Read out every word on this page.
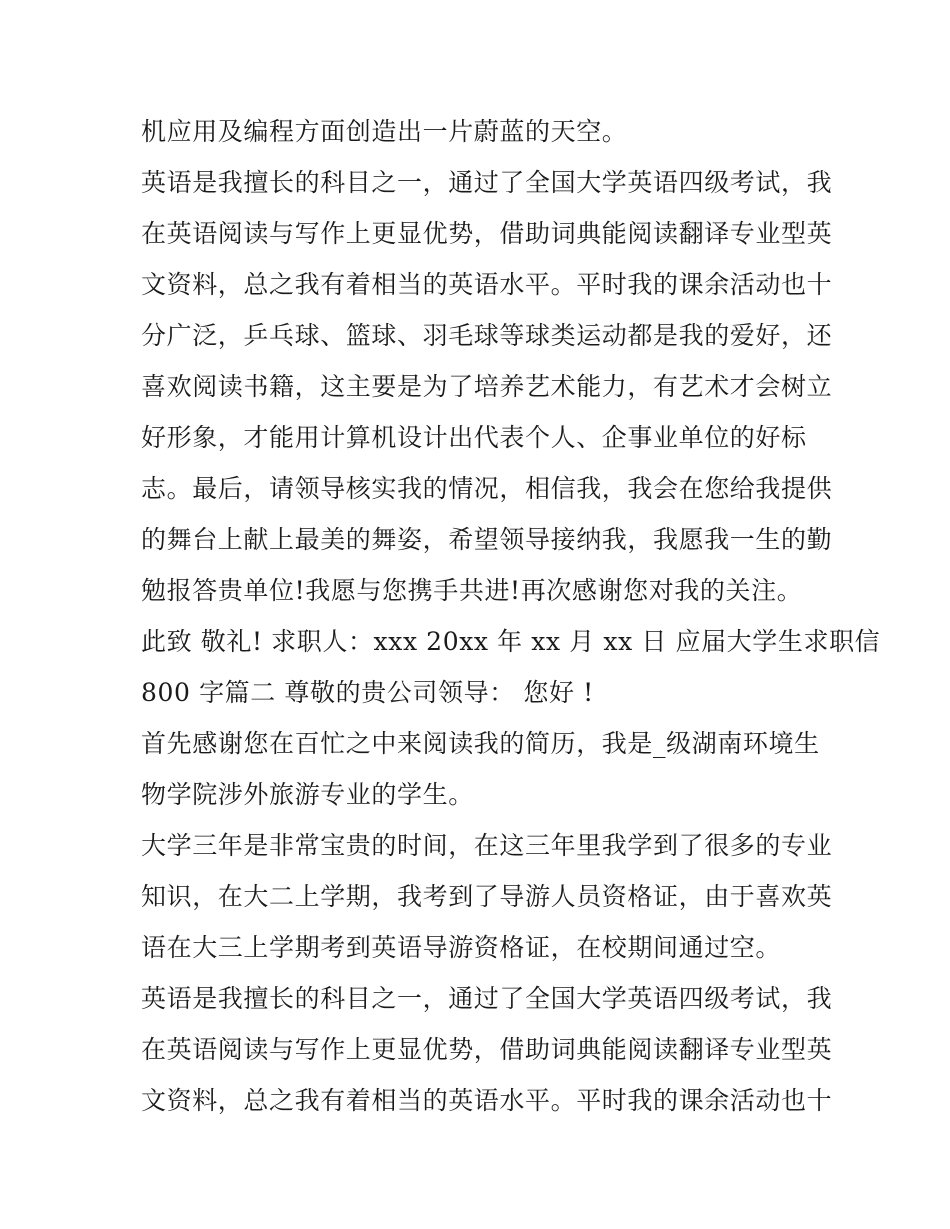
机应用及编程方面创造出一片蔚蓝的天空。
英语是我擅长的科目之一，通过了全国大学英语四级考试，我
在英语阅读与写作上更显优势，借助词典能阅读翻译专业型英
文资料，总之我有着相当的英语水平。平时我的课余活动也十
分广泛，乒乓球、篮球、羽毛球等球类运动都是我的爱好，还
喜欢阅读书籍，这主要是为了培养艺术能力，有艺术才会树立
好形象，才能用计算机设计出代表个人、企事业单位的好标
志。最后，请领导核实我的情况，相信我，我会在您给我提供
的舞台上献上最美的舞姿，希望领导接纳我，我愿我一生的勤
勉报答贵单位!我愿与您携手共进!再次感谢您对我的关注。
此致 敬礼! 求职人：xxx 20xx 年 xx 月 xx 日 应届大学生求职信
800 字篇二 尊敬的贵公司领导： 您好 !
首先感谢您在百忙之中来阅读我的简历，我是_级湖南环境生
物学院涉外旅游专业的学生。
大学三年是非常宝贵的时间，在这三年里我学到了很多的专业
知识，在大二上学期，我考到了导游人员资格证，由于喜欢英
语在大三上学期考到英语导游资格证，在校期间通过空。
英语是我擅长的科目之一，通过了全国大学英语四级考试，我
在英语阅读与写作上更显优势，借助词典能阅读翻译专业型英
文资料，总之我有着相当的英语水平。平时我的课余活动也十
